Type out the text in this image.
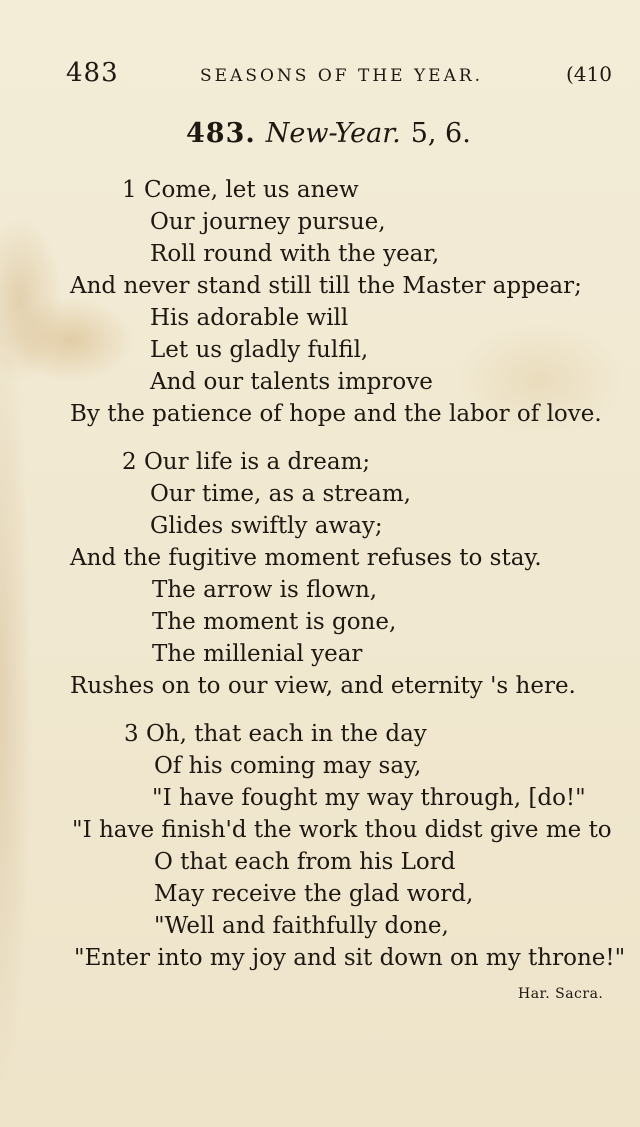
483	SEASONS OF THE YEAR.	(410
483. New-Year. 5, 6.
1 Come, let us anew
Our journey pursue,
Roll round with the year,
And never stand still till the Master appear;
His adorable will
Let us gladly fulfil,
And our talents improve
By the patience of hope and the labor of love.
2 Our life is a dream;
Our time, as a stream,
Glides swiftly away;
And the fugitive moment refuses to stay.
The arrow is flown,
The moment is gone,
The millenial year
Rushes on to our view, and eternity 's here.
3 Oh, that each in the day
Of his coming may say,
"I have fought my way through, [do!"
"I have finish'd the work thou didst give me to
O that each from his Lord
May receive the glad word,
"Well and faithfully done,
"Enter into my joy and sit down on my throne!"
Har. Sacra.
